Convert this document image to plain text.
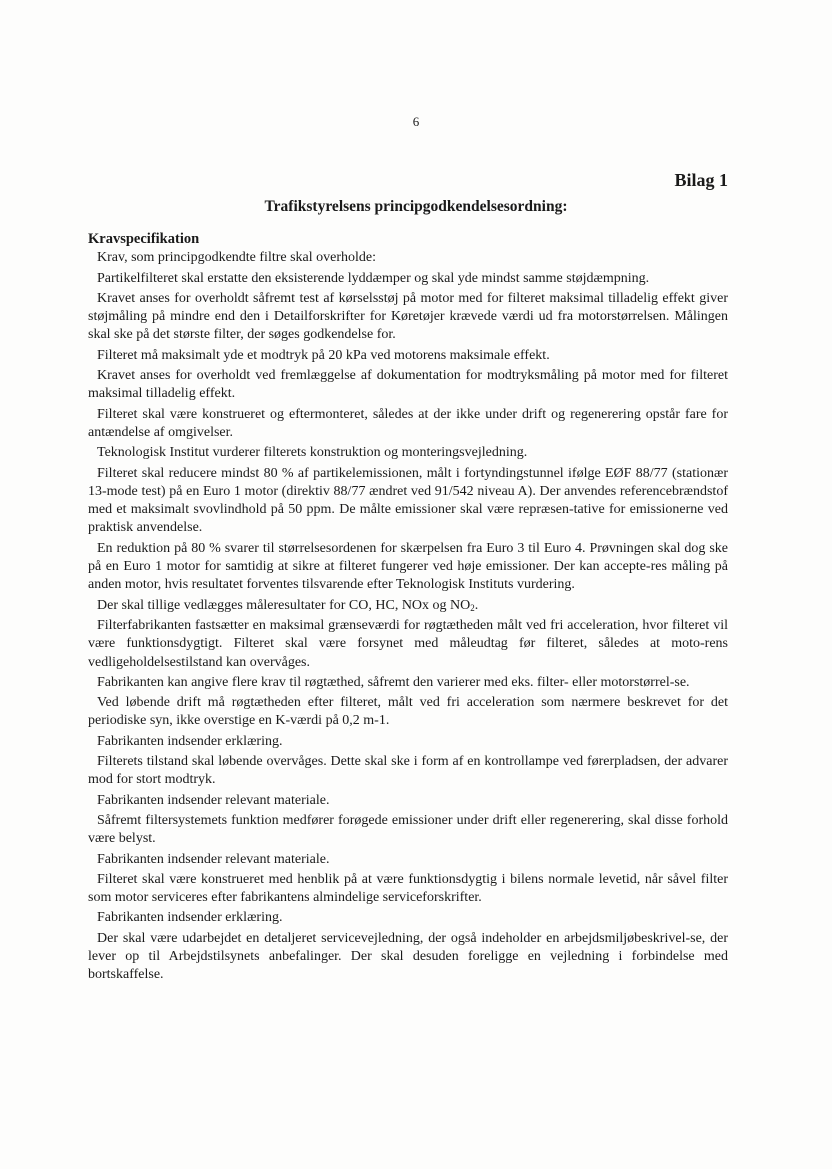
6
Bilag 1
Trafikstyrelsens principgodkendelsesordning:
Kravspecifikation

Krav, som principgodkendte filtre skal overholde:

Partikelfilteret skal erstatte den eksisterende lyddæmper og skal yde mindst samme støjdæmpning.

Kravet anses for overholdt såfremt test af kørselsstøj på motor med for filteret maksimal tilladelig effekt giver støjmåling på mindre end den i Detailforskrifter for Køretøjer krævede værdi ud fra motorstørrelsen. Målingen skal ske på det største filter, der søges godkendelse for.

Filteret må maksimalt yde et modtryk på 20 kPa ved motorens maksimale effekt.

Kravet anses for overholdt ved fremlæggelse af dokumentation for modtryksmåling på motor med for filteret maksimal tilladelig effekt.

Filteret skal være konstrueret og eftermonteret, således at der ikke under drift og regenerering opstår fare for antændelse af omgivelser.

Teknologisk Institut vurderer filterets konstruktion og monteringsvejledning.

Filteret skal reducere mindst 80 % af partikelemissionen, målt i fortyndingstunnel ifølge EØF 88/77 (stationær 13-mode test) på en Euro 1 motor (direktiv 88/77 ændret ved 91/542 niveau A). Der anvendes referencebrændstof med et maksimalt svovlindhold på 50 ppm. De målte emissioner skal være repræsen-tative for emissionerne ved praktisk anvendelse.

En reduktion på 80 % svarer til størrelsesordenen for skærpelsen fra Euro 3 til Euro 4. Prøvningen skal dog ske på en Euro 1 motor for samtidig at sikre at filteret fungerer ved høje emissioner. Der kan accepte-res måling på anden motor, hvis resultatet forventes tilsvarende efter Teknologisk Instituts vurdering.

Der skal tillige vedlægges måleresultater for CO, HC, NOx og $NO_2$.

Filterfabrikanten fastsætter en maksimal grænseværdi for røgtætheden målt ved fri acceleration, hvor filteret vil være funktionsdygtigt. Filteret skal være forsynet med måleudtag før filteret, således at moto-rens vedligeholdelsestilstand kan overvåges.

Fabrikanten kan angive flere krav til røgtæthed, såfremt den varierer med eks. filter- eller motorstørrel-se.

Ved løbende drift må røgtætheden efter filteret, målt ved fri acceleration som nærmere beskrevet for det periodiske syn, ikke overstige en K-værdi på 0,2 m-1.

Fabrikanten indsender erklæring.

Filterets tilstand skal løbende overvåges. Dette skal ske i form af en kontrollampe ved førerpladsen, der advarer mod for stort modtryk.

Fabrikanten indsender relevant materiale.

Såfremt filtersystemets funktion medfører forøgede emissioner under drift eller regenerering, skal disse forhold være belyst.

Fabrikanten indsender relevant materiale.

Filteret skal være konstrueret med henblik på at være funktionsdygtig i bilens normale levetid, når såvel filter som motor serviceres efter fabrikantens almindelige serviceforskrifter.

Fabrikanten indsender erklæring.

Der skal være udarbejdet en detaljeret servicevejledning, der også indeholder en arbejdsmiljøbeskrivel-se, der lever op til Arbejdstilsynets anbefalinger. Der skal desuden foreligge en vejledning i forbindelse med bortskaffelse.
